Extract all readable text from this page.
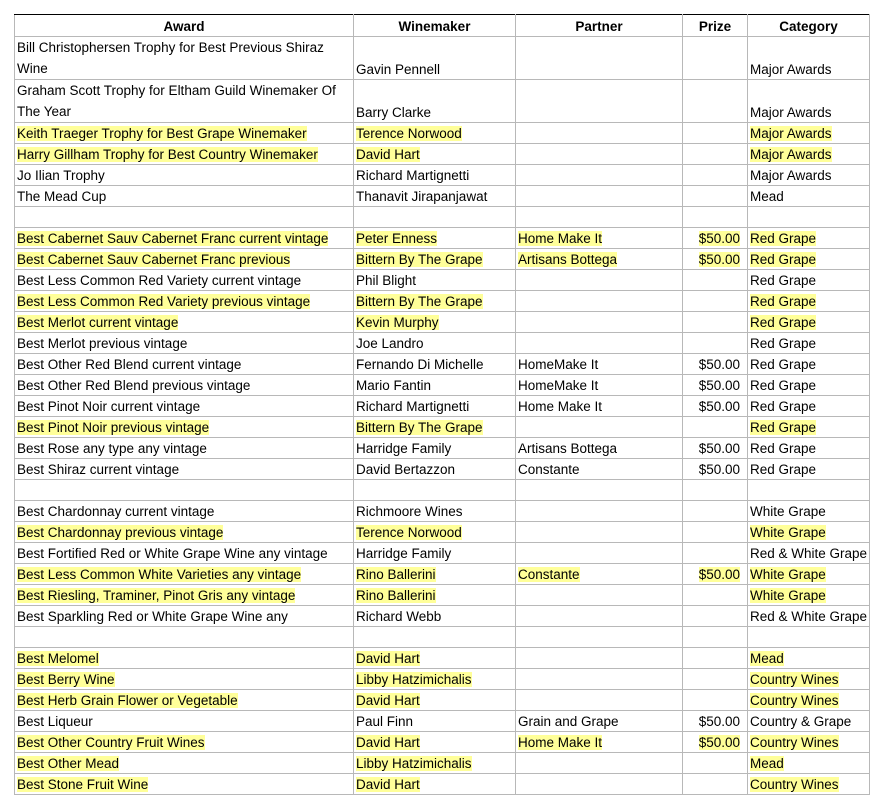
Award	Winemaker	Partner	Prize	Category
Bill Christophersen Trophy for Best Previous Shiraz Wine	Gavin Pennell			Major Awards
Graham Scott Trophy for Eltham Guild Winemaker Of The Year	Barry Clarke			Major Awards
Keith Traeger Trophy for Best Grape Winemaker	Terence Norwood			Major Awards
Harry Gillham Trophy for Best Country Winemaker	David Hart			Major Awards
Jo Ilian Trophy	Richard Martignetti			Major Awards
The Mead Cup	Thanavit Jirapanjawat			Mead

Best Cabernet Sauv Cabernet Franc current vintage	Peter Enness	Home Make It	$50.00	Red Grape
Best Cabernet Sauv Cabernet Franc previous	Bittern By The Grape	Artisans Bottega	$50.00	Red Grape
Best Less Common Red Variety current vintage	Phil Blight			Red Grape
Best Less Common Red Variety previous vintage	Bittern By The Grape			Red Grape
Best Merlot current vintage	Kevin Murphy			Red Grape
Best Merlot previous vintage	Joe Landro			Red Grape
Best Other Red Blend current vintage	Fernando Di Michelle	HomeMake It	$50.00	Red Grape
Best Other Red Blend previous vintage	Mario Fantin	HomeMake It	$50.00	Red Grape
Best Pinot Noir current vintage	Richard Martignetti	Home Make It	$50.00	Red Grape
Best Pinot Noir previous vintage	Bittern By The Grape			Red Grape
Best Rose any type any vintage	Harridge Family	Artisans Bottega	$50.00	Red Grape
Best Shiraz current vintage	David Bertazzon	Constante	$50.00	Red Grape

Best Chardonnay current vintage	Richmoore Wines			White Grape
Best Chardonnay previous vintage	Terence Norwood			White Grape
Best Fortified Red or White Grape Wine any vintage	Harridge Family			Red & White Grape
Best Less Common White Varieties any vintage	Rino Ballerini	Constante	$50.00	White Grape
Best Riesling, Traminer, Pinot Gris any vintage	Rino Ballerini			White Grape
Best Sparkling Red or White Grape Wine any	Richard Webb			Red & White Grape

Best Melomel	David Hart			Mead
Best Berry Wine	Libby Hatzimichalis			Country Wines
Best Herb Grain Flower or Vegetable	David Hart			Country Wines
Best Liqueur	Paul Finn	Grain and Grape	$50.00	Country & Grape
Best Other Country Fruit Wines	David Hart	Home Make It	$50.00	Country Wines
Best Other Mead	Libby Hatzimichalis			Mead
Best Stone Fruit Wine	David Hart			Country Wines
